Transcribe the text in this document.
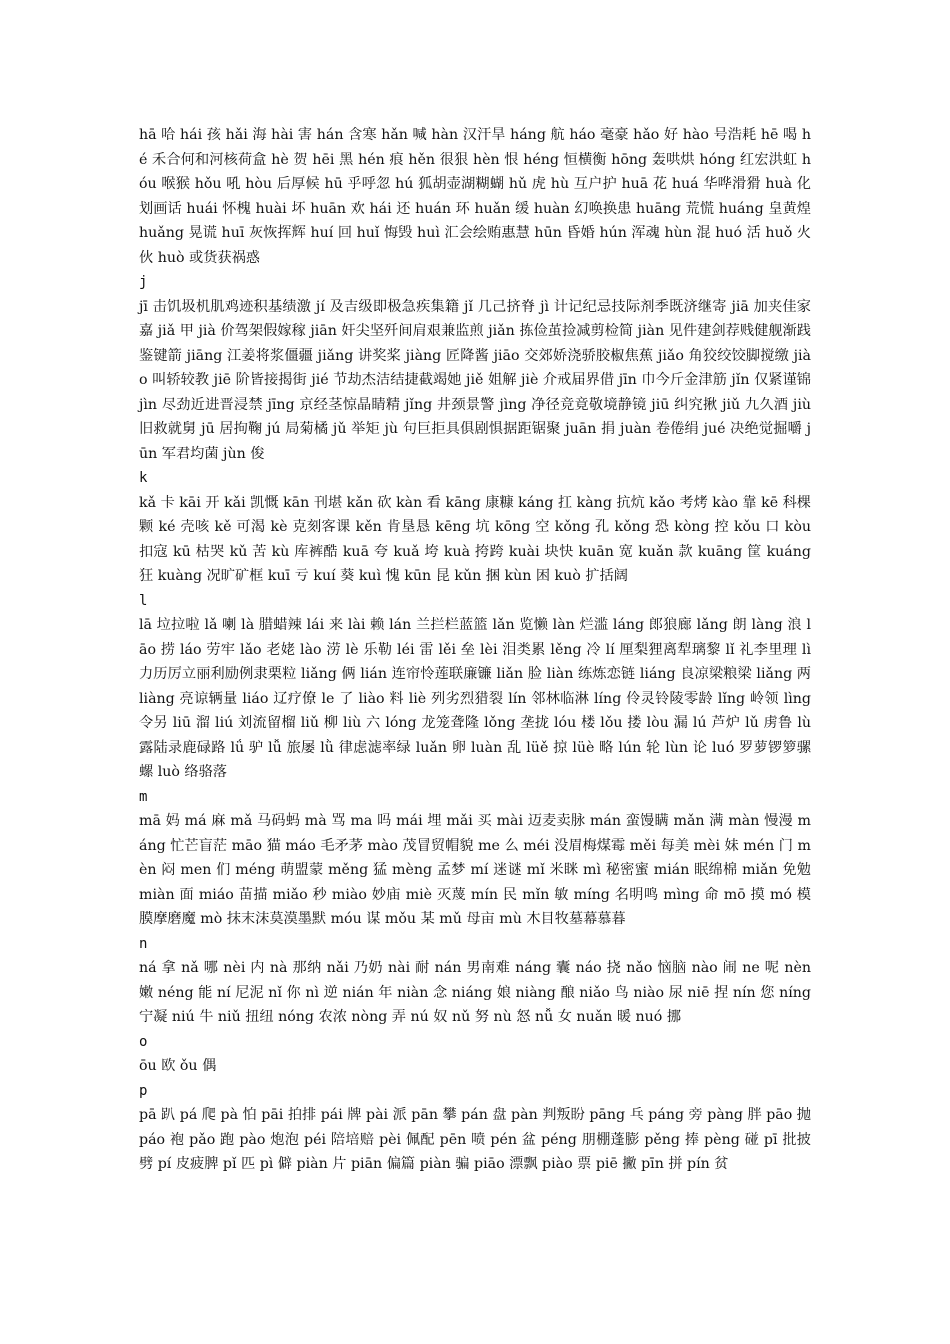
hā 哈 hái 孩 hǎi 海 hài 害 hán 含寒 hǎn 喊 hàn 汉汗旱 háng 航 háo 毫豪 hǎo 好 hào 号浩耗 hē 喝 hé 禾合何和河核荷盒 hè 贺 hēi 黑 hén 痕 hěn 很狠 hèn 恨 héng 恒横衡 hōng 轰哄烘 hóng 红宏洪虹 hóu 喉猴 hǒu 吼 hòu 后厚候 hū 乎呼忽 hú 狐胡壶湖糊蝴 hǔ 虎 hù 互户护 huā 花 huá 华哗滑猾 huà 化划画话 huái 怀槐 huài 坏 huān 欢 hái 还 huán 环 huǎn 缓 huàn 幻唤换患 huāng 荒慌 huáng 皇黄煌 huǎng 晃谎 huī 灰恢挥辉 huí 回 huǐ 悔毁 huì 汇会绘贿惠慧 hūn 昏婚 hún 浑魂 hùn 混 huó 活 huǒ 火伙 huò 或货获祸惑

j

jī 击饥圾机肌鸡迹积基绩激 jí 及吉级即极急疾集籍 jǐ 几己挤脊 jì 计记纪忌技际剂季既济继寄 jiā 加夹佳家嘉 jiǎ 甲 jià 价驾架假嫁稼 jiān 奸尖坚歼间肩艰兼监煎 jiǎn 拣俭茧捡减剪检简 jiàn 见件建剑荐贱健舰渐践鉴键箭 jiāng 江姜将浆僵疆 jiǎng 讲奖桨 jiàng 匠降酱 jiāo 交郊娇浇骄胶椒焦蕉 jiǎo 角狡绞饺脚搅缴 jiào 叫轿较教 jiē 阶皆接揭街 jié 节劫杰洁结捷截竭她 jiě 姐解 jiè 介戒届界借 jīn 巾今斤金津筋 jǐn 仅紧谨锦 jìn 尽劲近进晋浸禁 jīng 京经茎惊晶睛精 jǐng 井颈景警 jìng 净径竞竟敬境静镜 jiū 纠究揪 jiǔ 九久酒 jiù 旧救就舅 jū 居拘鞠 jú 局菊橘 jǔ 举矩 jù 句巨拒具俱剧惧据距锯聚 juān 捐 juàn 卷倦绢 jué 决绝觉掘嚼 jūn 军君均菌 jùn 俊

k

kǎ 卡 kāi 开 kǎi 凯慨 kān 刊堪 kǎn 砍 kàn 看 kāng 康糠 káng 扛 kàng 抗炕 kǎo 考烤 kào 靠 kē 科棵颗 ké 壳咳 kě 可渴 kè 克刻客课 kěn 肯垦恳 kēng 坑 kōng 空 kǒng 孔 kǒng 恐 kòng 控 kǒu 口 kòu 扣寇 kū 枯哭 kǔ 苦 kù 库裤酷 kuā 夸 kuǎ 垮 kuà 挎跨 kuài 块快 kuān 宽 kuǎn 款 kuāng 筐 kuáng 狂 kuàng 况旷矿框 kuī 亏 kuí 葵 kuì 愧 kūn 昆 kǔn 捆 kùn 困 kuò 扩括阔

l

lā 垃拉啦 lǎ 喇 là 腊蜡辣 lái 来 lài 赖 lán 兰拦栏蓝篮 lǎn 览懒 làn 烂滥 láng 郎狼廊 lǎng 朗 làng 浪 lāo 捞 láo 劳牢 lǎo 老姥 lào 涝 lè 乐勒 léi 雷 lěi 垒 lèi 泪类累 lěng 冷 lí 厘梨狸离犁璃黎 lǐ 礼李里理 lì 力历厉立丽利励例隶栗粒 liǎng 俩 lián 连帘怜莲联廉镰 liǎn 脸 liàn 练炼恋链 liáng 良凉梁粮梁 liǎng 两 liàng 亮谅辆量 liáo 辽疗僚 le 了 liào 料 liè 列劣烈猎裂 lín 邻林临淋 líng 伶灵铃陵零龄 lǐng 岭领 lìng 令另 liū 溜 liú 刘流留榴 liǔ 柳 liù 六 lóng 龙笼聋隆 lǒng 垄拢 lóu 楼 lǒu 搂 lòu 漏 lú 芦炉 lǔ 虏鲁 lù 露陆录鹿碌路 lǘ 驴 lǚ 旅屡 lǜ 律虑滤率绿 luǎn 卵 luàn 乱 lüě 掠 lüè 略 lún 轮 lùn 论 luó 罗萝锣箩骡螺 luò 络骆落

m

mā 妈 má 麻 mǎ 马码蚂 mà 骂 ma 吗 mái 埋 mǎi 买 mài 迈麦卖脉 mán 蛮馒瞒 mǎn 满 màn 慢漫 máng 忙芒盲茫 māo 猫 máo 毛矛茅 mào 茂冒贸帽貌 me 么 méi 没眉梅煤霉 měi 每美 mèi 妹 mén 门 mèn 闷 men 们 méng 萌盟蒙 měng 猛 mèng 孟梦 mí 迷谜 mǐ 米眯 mì 秘密蜜 mián 眠绵棉 miǎn 免勉 miàn 面 miáo 苗描 miǎo 秒 miào 妙庙 miè 灭蔑 mín 民 mǐn 敏 míng 名明鸣 mìng 命 mō 摸 mó 模膜摩磨魔 mò 抹末沫莫漠墨默 móu 谋 mǒu 某 mǔ 母亩 mù 木目牧墓幕慕暮

n

ná 拿 nǎ 哪 nèi 内 nà 那纳 nǎi 乃奶 nài 耐 nán 男南难 náng 囊 náo 挠 nǎo 恼脑 nào 闹 ne 呢 nèn 嫩 néng 能 ní 尼泥 nǐ 你 nì 逆 nián 年 niàn 念 niáng 娘 niàng 酿 niǎo 鸟 niào 尿 niē 捏 nín 您 níng 宁凝 niú 牛 niǔ 扭纽 nóng 农浓 nòng 弄 nú 奴 nǔ 努 nù 怒 nǚ 女 nuǎn 暖 nuó 挪

o

ōu 欧 ǒu 偶

p

pā 趴 pá 爬 pà 怕 pāi 拍排 pái 牌 pài 派 pān 攀 pán 盘 pàn 判叛盼 pāng 乓 páng 旁 pàng 胖 pāo 抛 páo 袍 pǎo 跑 pào 炮泡 péi 陪培赔 pèi 佩配 pēn 喷 pén 盆 péng 朋棚蓬膨 pěng 捧 pèng 碰 pī 批披劈 pí 皮疲脾 pǐ 匹 pì 僻 piàn 片 piān 偏篇 piàn 骗 piāo 漂飘 piào 票 piē 撇 pīn 拼 pín 贫
